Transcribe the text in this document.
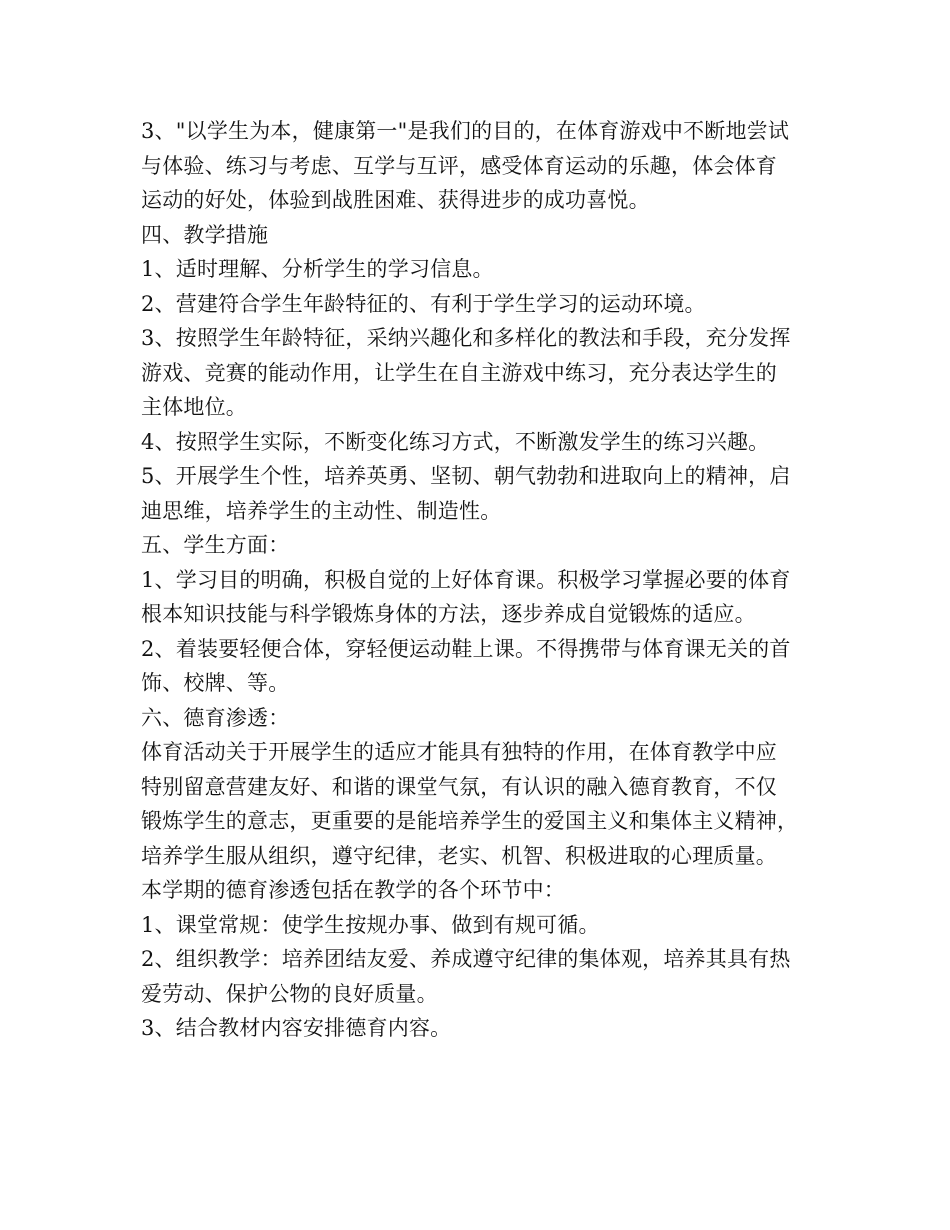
3、"以学生为本，健康第一"是我们的目的，在体育游戏中不断地尝试
与体验、练习与考虑、互学与互评，感受体育运动的乐趣，体会体育
运动的好处，体验到战胜困难、获得进步的成功喜悦。
四、教学措施
1、适时理解、分析学生的学习信息。
2、营建符合学生年龄特征的、有利于学生学习的运动环境。
3、按照学生年龄特征，采纳兴趣化和多样化的教法和手段，充分发挥
游戏、竞赛的能动作用，让学生在自主游戏中练习，充分表达学生的
主体地位。
4、按照学生实际，不断变化练习方式，不断激发学生的练习兴趣。
5、开展学生个性，培养英勇、坚韧、朝气勃勃和进取向上的精神，启
迪思维，培养学生的主动性、制造性。
五、学生方面：
1、学习目的明确，积极自觉的上好体育课。积极学习掌握必要的体育
根本知识技能与科学锻炼身体的方法，逐步养成自觉锻炼的适应。
2、着装要轻便合体，穿轻便运动鞋上课。不得携带与体育课无关的首
饰、校牌、等。
六、德育渗透：
体育活动关于开展学生的适应才能具有独特的作用，在体育教学中应
特别留意营建友好、和谐的课堂气氛，有认识的融入德育教育，不仅
锻炼学生的意志，更重要的是能培养学生的爱国主义和集体主义精神，
培养学生服从组织，遵守纪律，老实、机智、积极进取的心理质量。
本学期的德育渗透包括在教学的各个环节中：
1、课堂常规：使学生按规办事、做到有规可循。
2、组织教学：培养团结友爱、养成遵守纪律的集体观，培养其具有热
爱劳动、保护公物的良好质量。
3、结合教材内容安排德育内容。
